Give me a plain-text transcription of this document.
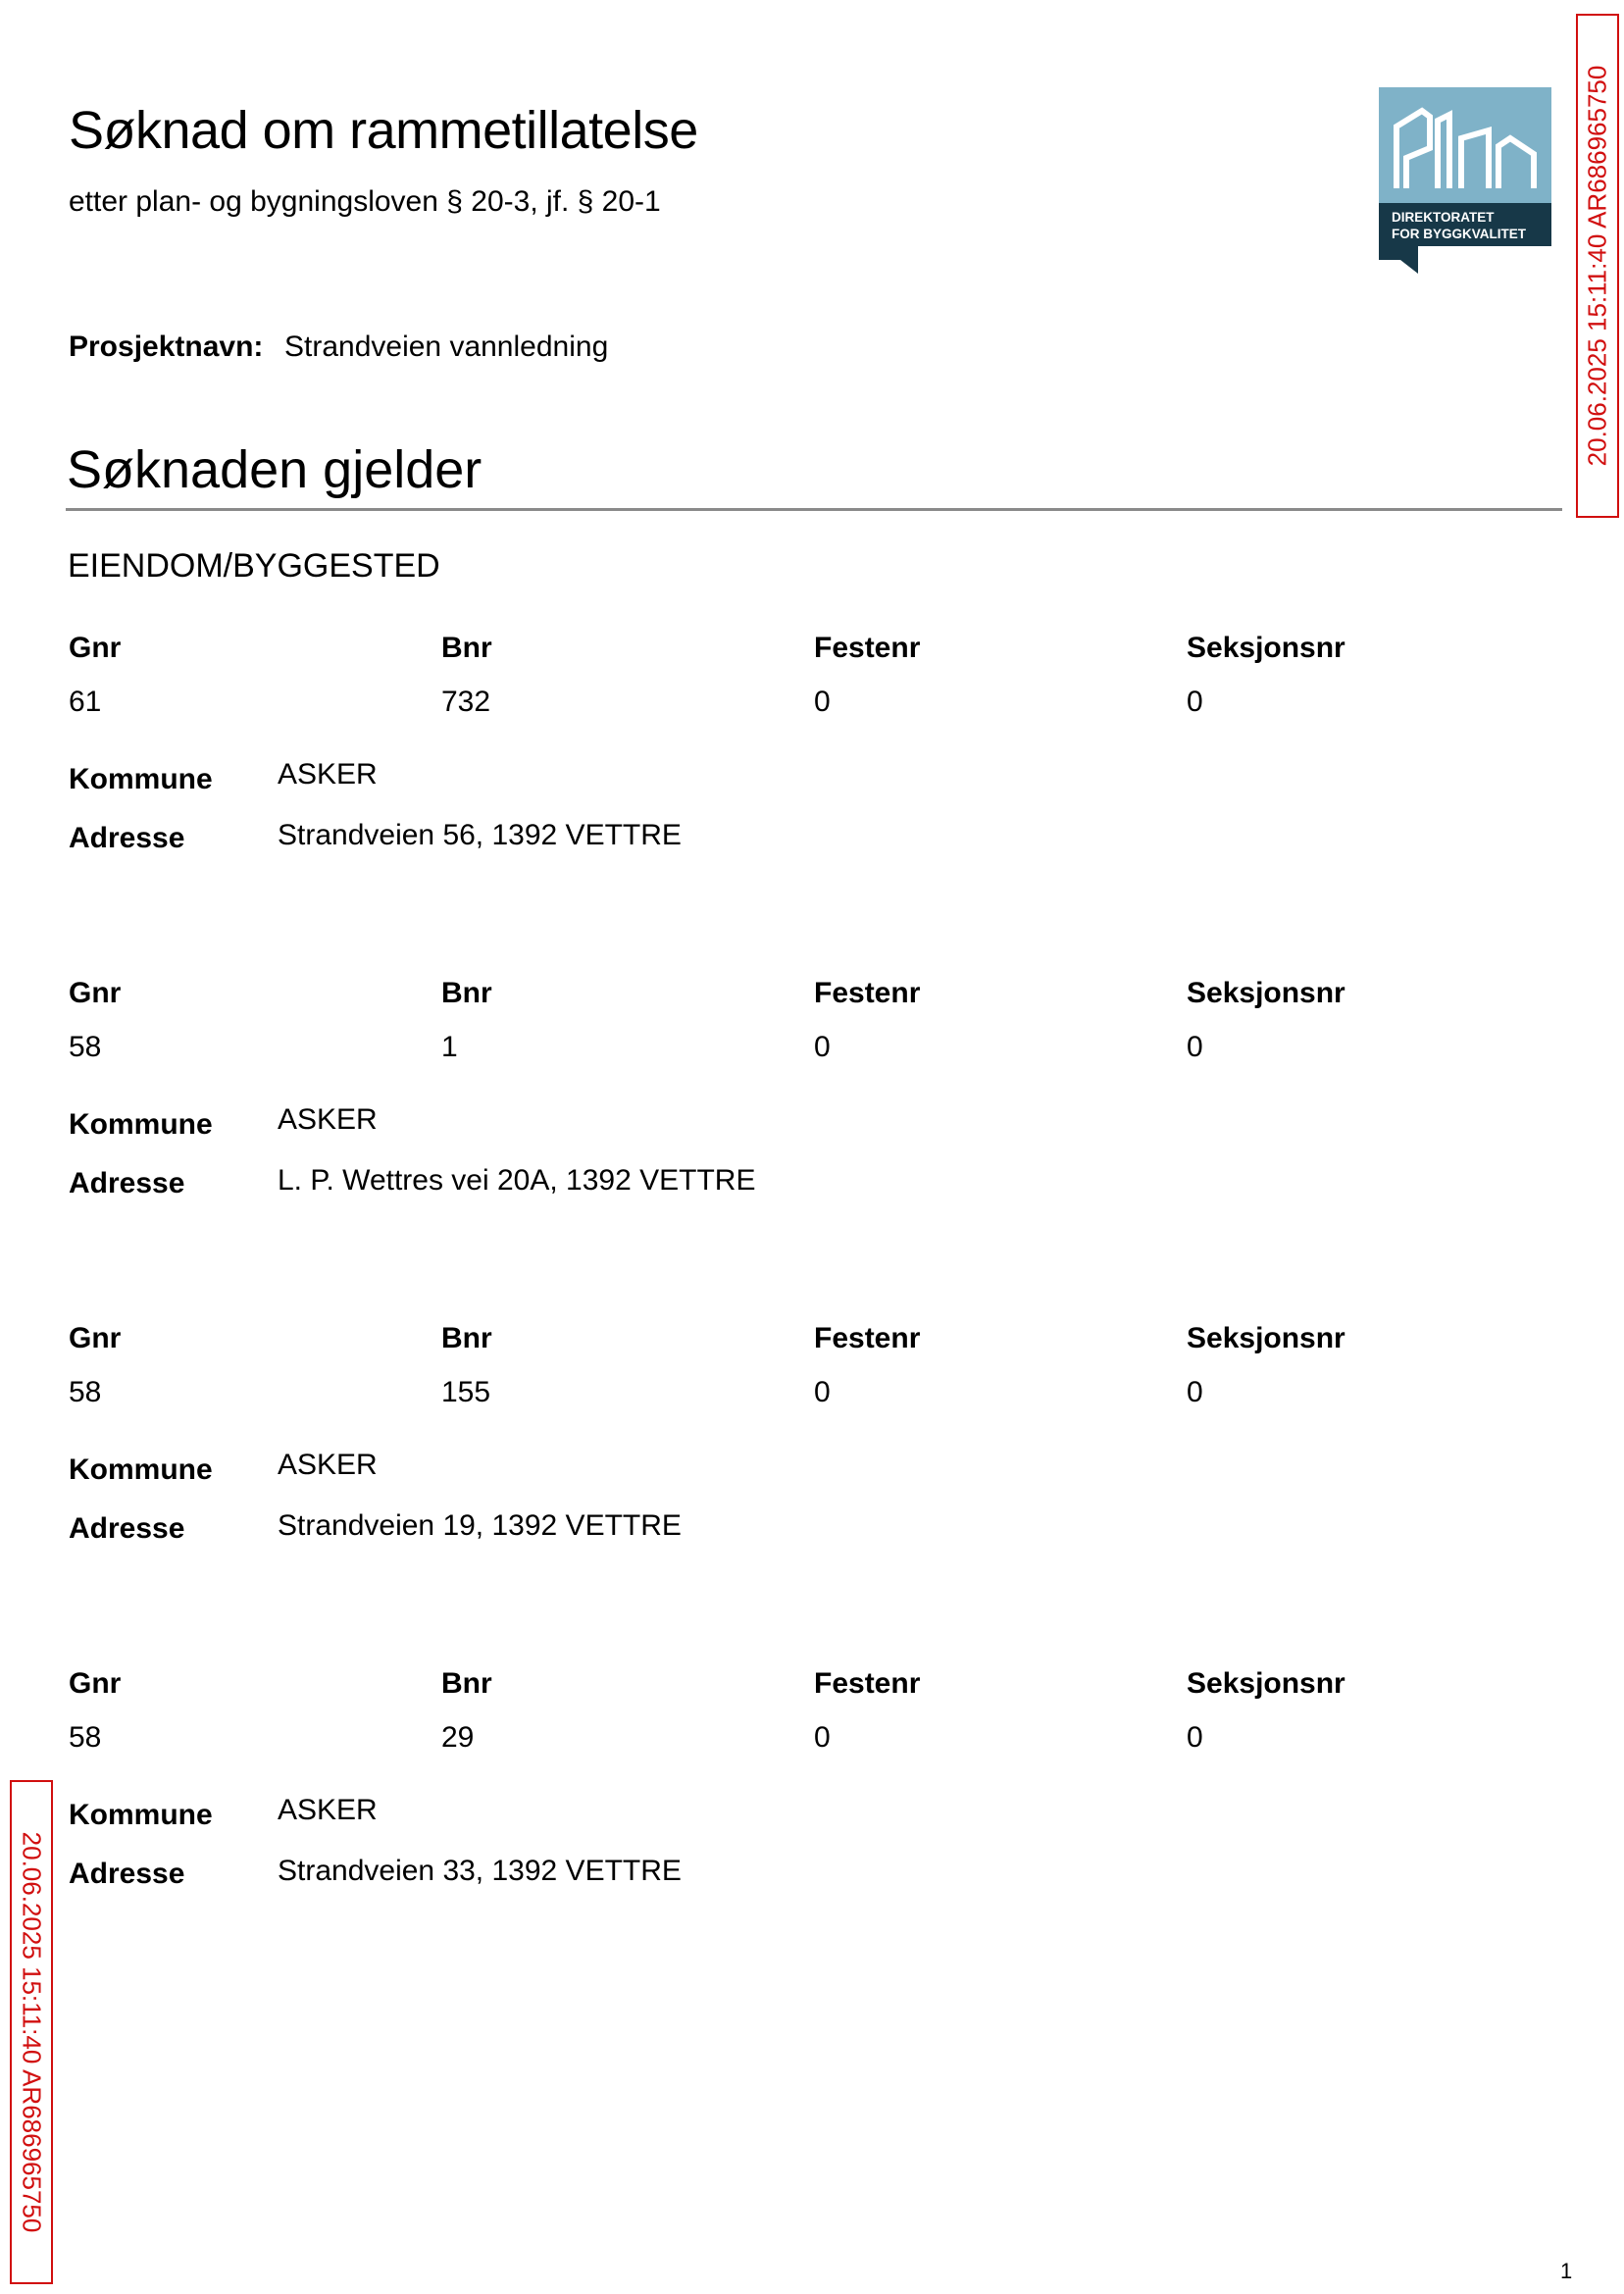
Søknad om rammetillatelse
etter plan- og bygningsloven § 20-3, jf. § 20-1	DIREKTORATET
FOR BYGGKVALITET
Prosjektnavn: Strandveien vannledning
Søknaden gjelder
EIENDOM/BYGGESTED
Gnr	Bnr	Festenr	Seksjonsnr
61	732	0	0
Kommune ASKER
Adresse	Strandveien 56, 1392 VETTRE
Gnr	Bnr	Festenr	Seksjonsnr
58	1	0	0
Kommune ASKER
Adresse	L. P. Wettres vei 20A, 1392 VETTRE
Gnr	Bnr	Festenr	Seksjonsnr
58	155	0	0
Kommune ASKER
Adresse	Strandveien 19, 1392 VETTRE
Gnr	Bnr	Festenr	Seksjonsnr
58	29	0	0
Kommune ASKER
Adresse	Strandveien 33, 1392 VETTRE
20.06.2025 15:11:40 AR686965750
20.06.2025 15:11:40 AR686965750
1
